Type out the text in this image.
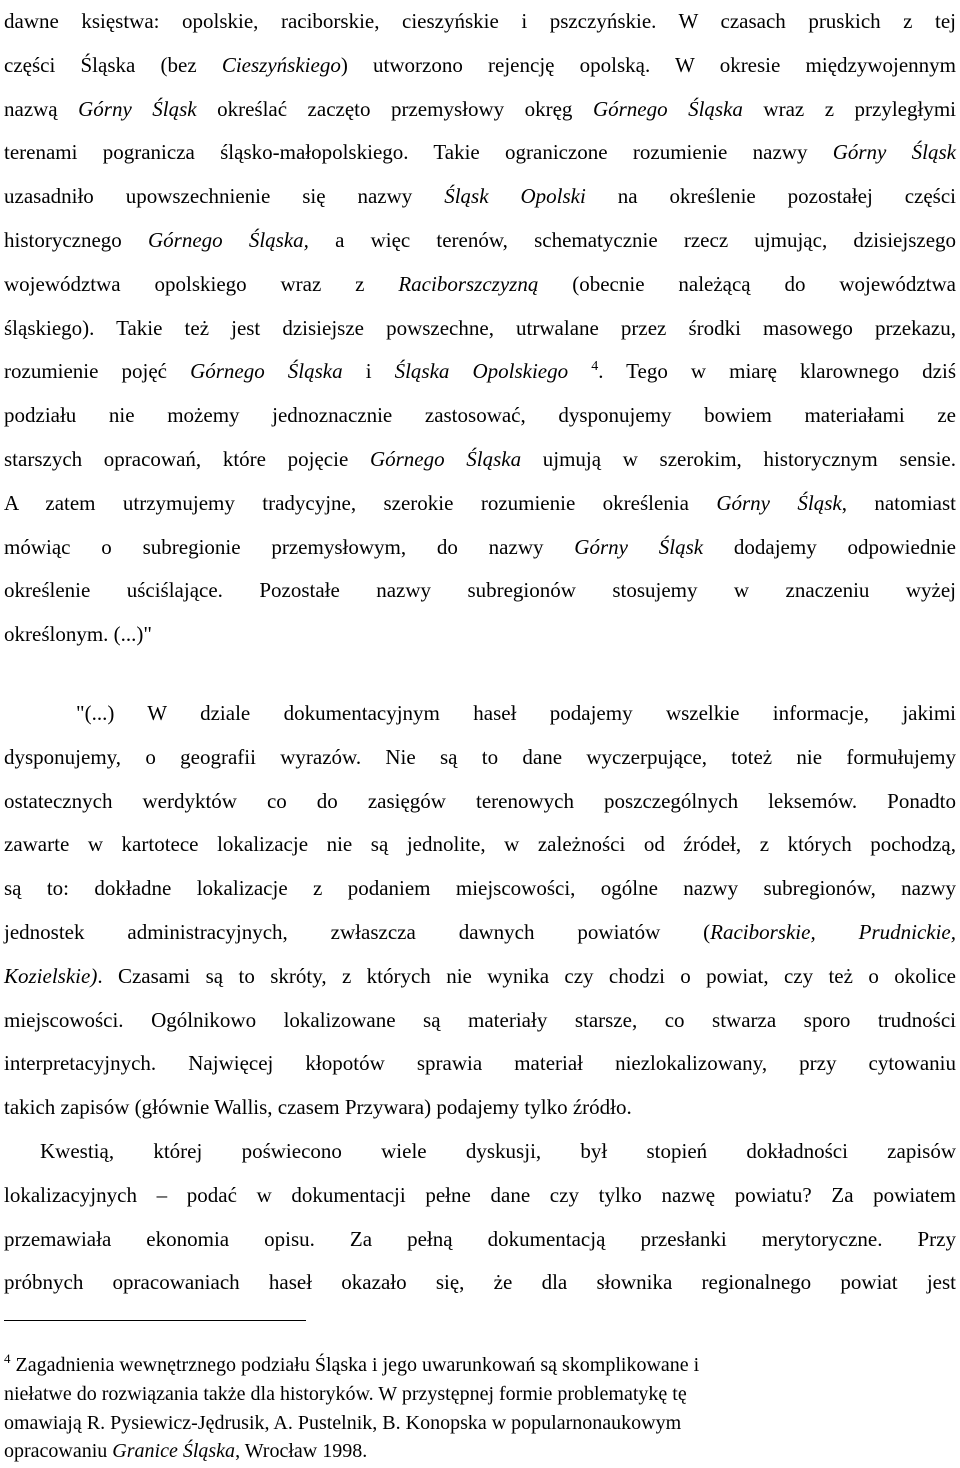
dawne księstwa: opolskie, raciborskie, cieszyńskie i pszczyńskie. W czasach pruskich z tej
części Śląska (bez Cieszyńskiego) utworzono rejencję opolską. W okresie międzywojennym
nazwą Górny Śląsk określać zaczęto przemysłowy okręg Górnego Śląska wraz z przyległymi
terenami pogranicza śląsko-małopolskiego. Takie ograniczone rozumienie nazwy Górny Śląsk
uzasadniło upowszechnienie się nazwy Śląsk Opolski na określenie pozostałej części
historycznego Górnego Śląska, a więc terenów, schematycznie rzecz ujmując, dzisiejszego
województwa opolskiego wraz z Raciborszczyzną (obecnie należącą do województwa
śląskiego). Takie też jest dzisiejsze powszechne, utrwalane przez środki masowego przekazu,
rozumienie pojęć Górnego Śląska i Śląska Opolskiego $^4$. Tego w miarę klarownego dziś
podziału nie możemy jednoznacznie zastosować, dysponujemy bowiem materiałami ze
starszych opracowań, które pojęcie Górnego Śląska ujmują w szerokim, historycznym sensie.
A zatem utrzymujemy tradycyjne, szerokie rozumienie określenia Górny Śląsk, natomiast
mówiąc o subregionie przemysłowym, do nazwy Górny Śląsk dodajemy odpowiednie
określenie uściślające. Pozostałe nazwy subregionów stosujemy w znaczeniu wyżej
określonym. (...)"
"(...) W dziale dokumentacyjnym haseł podajemy wszelkie informacje, jakimi
dysponujemy, o geografii wyrazów. Nie są to dane wyczerpujące, toteż nie formułujemy
ostatecznych werdyktów co do zasięgów terenowych poszczególnych leksemów. Ponadto
zawarte w kartotece lokalizacje nie są jednolite, w zależności od źródeł, z których pochodzą,
są to: dokładne lokalizacje z podaniem miejscowości, ogólne nazwy subregionów, nazwy
jednostek administracyjnych, zwłaszcza dawnych powiatów (Raciborskie, Prudnickie,
Kozielskie). Czasami są to skróty, z których nie wynika czy chodzi o powiat, czy też o okolice
miejscowości. Ogólnikowo lokalizowane są materiały starsze, co stwarza sporo trudności
interpretacyjnych. Najwięcej kłopotów sprawia materiał niezlokalizowany, przy cytowaniu
takich zapisów (głównie Wallis, czasem Przywara) podajemy tylko źródło.
Kwestią, której poświecono wiele dyskusji, był stopień dokładności zapisów
lokalizacyjnych – podać w dokumentacji pełne dane czy tylko nazwę powiatu? Za powiatem
przemawiała ekonomia opisu. Za pełną dokumentacją przesłanki merytoryczne. Przy
próbnych opracowaniach haseł okazało się, że dla słownika regionalnego powiat jest
$^4$ Zagadnienia wewnętrznego podziału Śląska i jego uwarunkowań są skomplikowane i
niełatwe do rozwiązania także dla historyków. W przystępnej formie problematykę tę
omawiają R. Pysiewicz-Jędrusik, A. Pustelnik, B. Konopska w popularnonaukowym
opracowaniu Granice Śląska, Wrocław 1998.
